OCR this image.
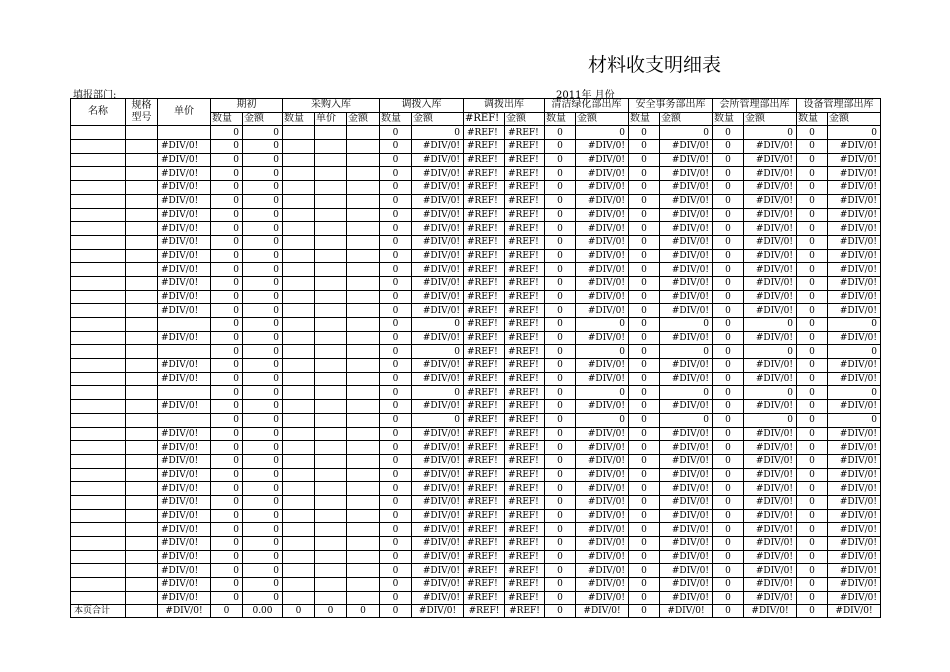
材料收支明细表
填报部门:	2011年 月份
名称	规格型号	单价	期初		采购入库			调拨入库		调拨出库		清洁绿化部出库		安全事务部出库		会所管理部出库		设备管理部出库	
			数量	金额	数量	单价	金额	数量	金额	#REF!	金额	数量	金额	数量	金额	数量	金额	数量	金额
			0	0				0	0	#REF!	#REF!	0	0	0	0	0	0	0	0
		#DIV/0!	0	0				0	#DIV/0!	#REF!	#REF!	0	#DIV/0!	0	#DIV/0!	0	#DIV/0!	0	#DIV/0!
		#DIV/0!	0	0				0	#DIV/0!	#REF!	#REF!	0	#DIV/0!	0	#DIV/0!	0	#DIV/0!	0	#DIV/0!
		#DIV/0!	0	0				0	#DIV/0!	#REF!	#REF!	0	#DIV/0!	0	#DIV/0!	0	#DIV/0!	0	#DIV/0!
		#DIV/0!	0	0				0	#DIV/0!	#REF!	#REF!	0	#DIV/0!	0	#DIV/0!	0	#DIV/0!	0	#DIV/0!
		#DIV/0!	0	0				0	#DIV/0!	#REF!	#REF!	0	#DIV/0!	0	#DIV/0!	0	#DIV/0!	0	#DIV/0!
		#DIV/0!	0	0				0	#DIV/0!	#REF!	#REF!	0	#DIV/0!	0	#DIV/0!	0	#DIV/0!	0	#DIV/0!
		#DIV/0!	0	0				0	#DIV/0!	#REF!	#REF!	0	#DIV/0!	0	#DIV/0!	0	#DIV/0!	0	#DIV/0!
		#DIV/0!	0	0				0	#DIV/0!	#REF!	#REF!	0	#DIV/0!	0	#DIV/0!	0	#DIV/0!	0	#DIV/0!
		#DIV/0!	0	0				0	#DIV/0!	#REF!	#REF!	0	#DIV/0!	0	#DIV/0!	0	#DIV/0!	0	#DIV/0!
		#DIV/0!	0	0				0	#DIV/0!	#REF!	#REF!	0	#DIV/0!	0	#DIV/0!	0	#DIV/0!	0	#DIV/0!
		#DIV/0!	0	0				0	#DIV/0!	#REF!	#REF!	0	#DIV/0!	0	#DIV/0!	0	#DIV/0!	0	#DIV/0!
		#DIV/0!	0	0				0	#DIV/0!	#REF!	#REF!	0	#DIV/0!	0	#DIV/0!	0	#DIV/0!	0	#DIV/0!
		#DIV/0!	0	0				0	#DIV/0!	#REF!	#REF!	0	#DIV/0!	0	#DIV/0!	0	#DIV/0!	0	#DIV/0!
			0	0				0	0	#REF!	#REF!	0	0	0	0	0	0	0	0
		#DIV/0!	0	0				0	#DIV/0!	#REF!	#REF!	0	#DIV/0!	0	#DIV/0!	0	#DIV/0!	0	#DIV/0!
			0	0				0	0	#REF!	#REF!	0	0	0	0	0	0	0	0
		#DIV/0!	0	0				0	#DIV/0!	#REF!	#REF!	0	#DIV/0!	0	#DIV/0!	0	#DIV/0!	0	#DIV/0!
		#DIV/0!	0	0				0	#DIV/0!	#REF!	#REF!	0	#DIV/0!	0	#DIV/0!	0	#DIV/0!	0	#DIV/0!
			0	0				0	0	#REF!	#REF!	0	0	0	0	0	0	0	0
		#DIV/0!	0	0				0	#DIV/0!	#REF!	#REF!	0	#DIV/0!	0	#DIV/0!	0	#DIV/0!	0	#DIV/0!
			0	0				0	0	#REF!	#REF!	0	0	0	0	0	0	0	0
		#DIV/0!	0	0				0	#DIV/0!	#REF!	#REF!	0	#DIV/0!	0	#DIV/0!	0	#DIV/0!	0	#DIV/0!
		#DIV/0!	0	0				0	#DIV/0!	#REF!	#REF!	0	#DIV/0!	0	#DIV/0!	0	#DIV/0!	0	#DIV/0!
		#DIV/0!	0	0				0	#DIV/0!	#REF!	#REF!	0	#DIV/0!	0	#DIV/0!	0	#DIV/0!	0	#DIV/0!
		#DIV/0!	0	0				0	#DIV/0!	#REF!	#REF!	0	#DIV/0!	0	#DIV/0!	0	#DIV/0!	0	#DIV/0!
		#DIV/0!	0	0				0	#DIV/0!	#REF!	#REF!	0	#DIV/0!	0	#DIV/0!	0	#DIV/0!	0	#DIV/0!
		#DIV/0!	0	0				0	#DIV/0!	#REF!	#REF!	0	#DIV/0!	0	#DIV/0!	0	#DIV/0!	0	#DIV/0!
		#DIV/0!	0	0				0	#DIV/0!	#REF!	#REF!	0	#DIV/0!	0	#DIV/0!	0	#DIV/0!	0	#DIV/0!
		#DIV/0!	0	0				0	#DIV/0!	#REF!	#REF!	0	#DIV/0!	0	#DIV/0!	0	#DIV/0!	0	#DIV/0!
		#DIV/0!	0	0				0	#DIV/0!	#REF!	#REF!	0	#DIV/0!	0	#DIV/0!	0	#DIV/0!	0	#DIV/0!
		#DIV/0!	0	0				0	#DIV/0!	#REF!	#REF!	0	#DIV/0!	0	#DIV/0!	0	#DIV/0!	0	#DIV/0!
		#DIV/0!	0	0				0	#DIV/0!	#REF!	#REF!	0	#DIV/0!	0	#DIV/0!	0	#DIV/0!	0	#DIV/0!
		#DIV/0!	0	0				0	#DIV/0!	#REF!	#REF!	0	#DIV/0!	0	#DIV/0!	0	#DIV/0!	0	#DIV/0!
		#DIV/0!	0	0				0	#DIV/0!	#REF!	#REF!	0	#DIV/0!	0	#DIV/0!	0	#DIV/0!	0	#DIV/0!
本页合计		#DIV/0!	0	0.00	0	0	0	0	#DIV/0!	#REF!	#REF!	0	#DIV/0!	0	#DIV/0!	0	#DIV/0!	0	#DIV/0!
